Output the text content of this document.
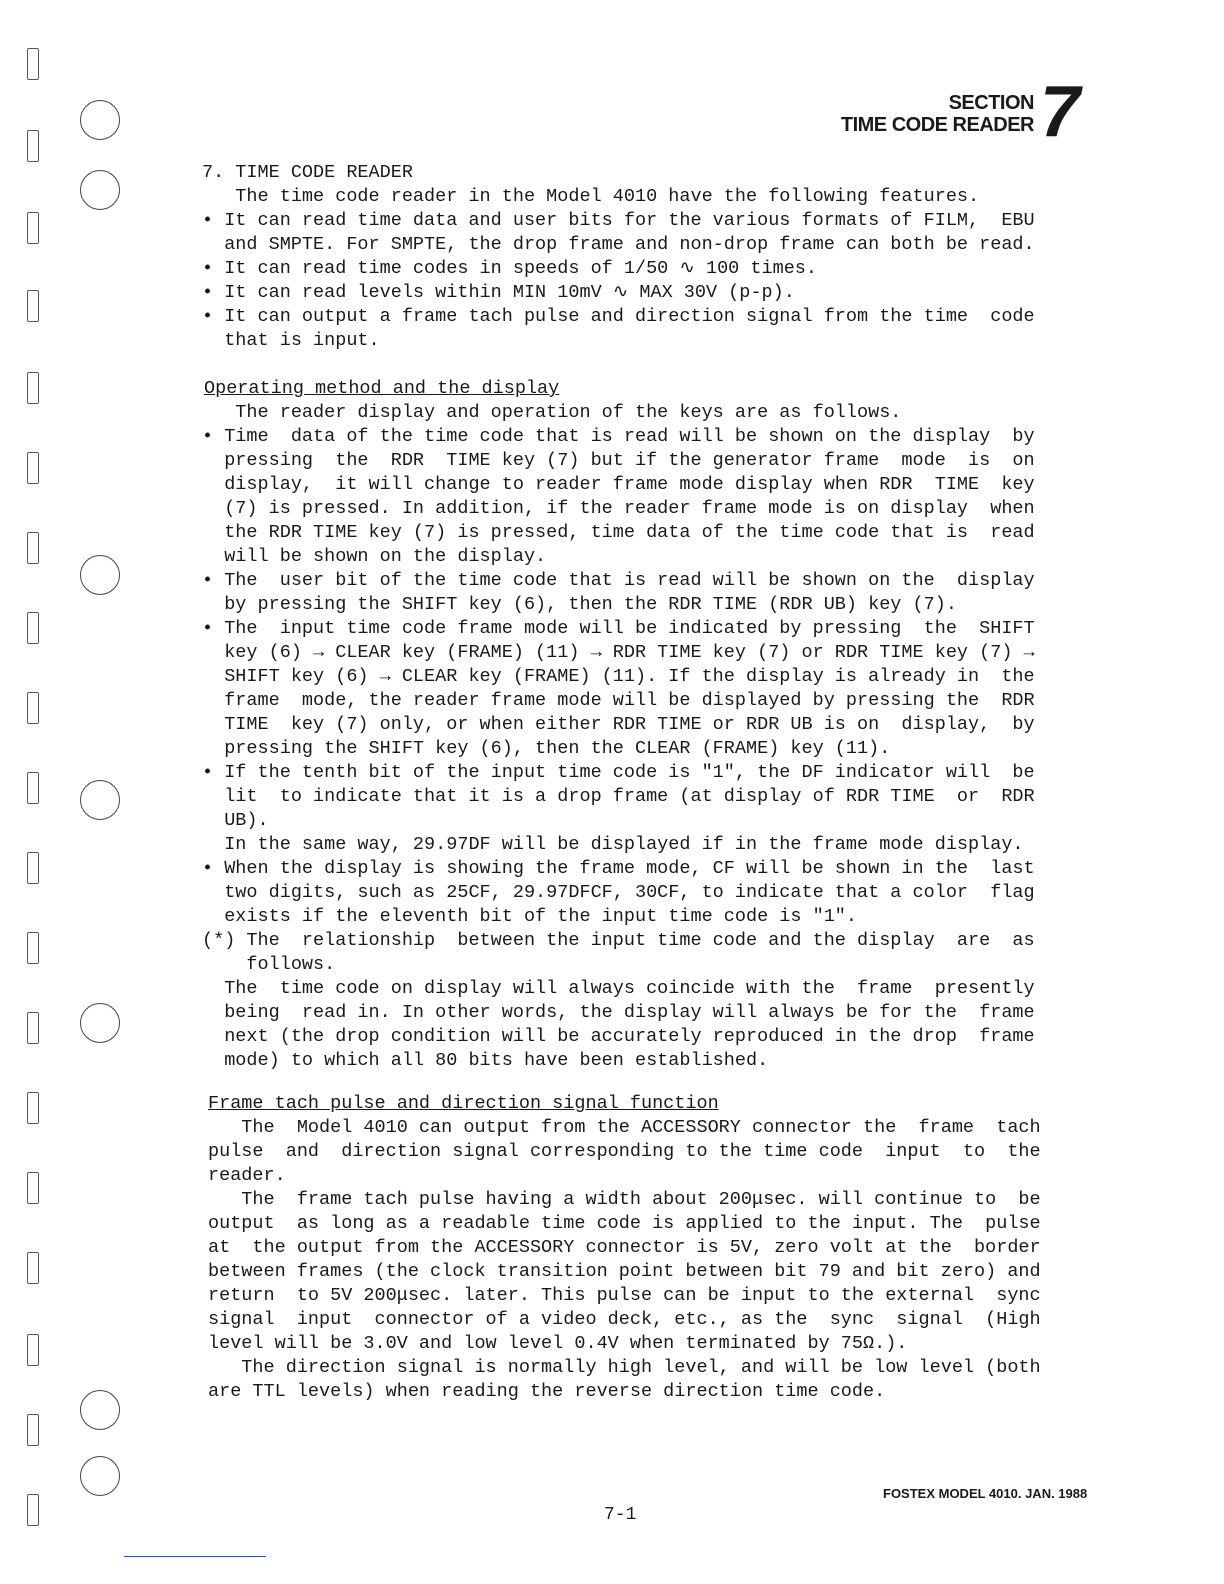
SECTION
TIME CODE READER 7
7. TIME CODE READER
The time code reader in the Model 4010 have the following features.
• It can read time data and user bits for the various formats of FILM,  EBU
and SMPTE. For SMPTE, the drop frame and non-drop frame can both be read.
• It can read time codes in speeds of 1/50 ∿ 100 times.
• It can read levels within MIN 10mV ∿ MAX 30V (p-p).
• It can output a frame tach pulse and direction signal from the time  code
that is input.
Operating method and the display
The reader display and operation of the keys are as follows.
• Time  data of the time code that is read will be shown on the display  by
pressing  the  RDR  TIME key (7) but if the generator frame  mode  is  on
display,  it will change to reader frame mode display when RDR  TIME  key
(7) is pressed. In addition, if the reader frame mode is on display  when
the RDR TIME key (7) is pressed, time data of the time code that is  read
will be shown on the display.
• The  user bit of the time code that is read will be shown on the  display
by pressing the SHIFT key (6), then the RDR TIME (RDR UB) key (7).
• The  input time code frame mode will be indicated by pressing  the  SHIFT
key (6) → CLEAR key (FRAME) (11) → RDR TIME key (7) or RDR TIME key (7) →
SHIFT key (6) → CLEAR key (FRAME) (11). If the display is already in  the
frame  mode, the reader frame mode will be displayed by pressing the  RDR
TIME  key (7) only, or when either RDR TIME or RDR UB is on  display,  by
pressing the SHIFT key (6), then the CLEAR (FRAME) key (11).
• If the tenth bit of the input time code is "1", the DF indicator will  be
lit  to indicate that it is a drop frame (at display of RDR TIME  or  RDR
UB).
In the same way, 29.97DF will be displayed if in the frame mode display.
• When the display is showing the frame mode, CF will be shown in the  last
two digits, such as 25CF, 29.97DFCF, 30CF, to indicate that a color  flag
exists if the eleventh bit of the input time code is "1".
(*) The  relationship  between the input time code and the display  are  as
follows.
The  time code on display will always coincide with the  frame  presently
being  read in. In other words, the display will always be for the  frame
next (the drop condition will be accurately reproduced in the drop  frame
mode) to which all 80 bits have been established.
Frame tach pulse and direction signal function
The  Model 4010 can output from the ACCESSORY connector the  frame  tach
pulse  and  direction signal corresponding to the time code  input  to  the
reader.
The  frame tach pulse having a width about 200μsec. will continue to  be
output  as long as a readable time code is applied to the input. The  pulse
at  the output from the ACCESSORY connector is 5V, zero volt at the  border
between frames (the clock transition point between bit 79 and bit zero) and
return  to 5V 200μsec. later. This pulse can be input to the external  sync
signal  input  connector of a video deck, etc., as the  sync  signal  (High
level will be 3.0V and low level 0.4V when terminated by 75Ω.).
The direction signal is normally high level, and will be low level (both
are TTL levels) when reading the reverse direction time code.
FOSTEX MODEL 4010. JAN. 1988
7-1
